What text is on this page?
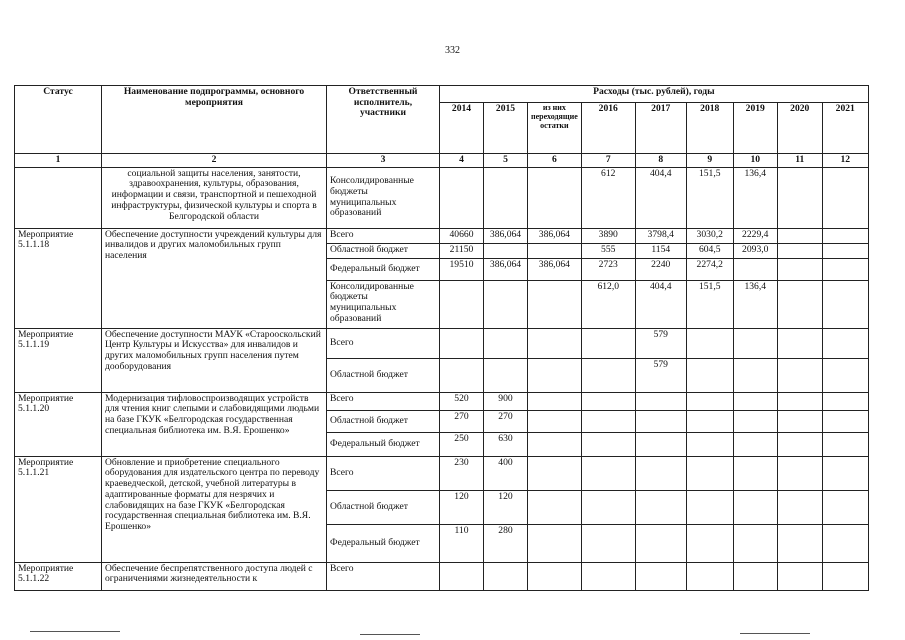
332
Статус	Наименование подпрограммы, основного мероприятия	Ответственный исполнитель, участники	Расходы (тыс. рублей), годы								
			2014	2015	из них переходящие остатки	2016	2017	2018	2019	2020	2021
1	2	3	4	5	6	7	8	9	10	11	12
	социальной защиты населения, занятости, здравоохранения, культуры, образования, информации и связи, транспортной и пешеходной инфраструктуры, физической культуры и спорта в Белгородской области	Консолидированные бюджеты муниципальных образований				612	404,4	151,5	136,4		
Мероприятие 5.1.1.18	Обеспечение доступности учреждений культуры для инвалидов и других маломобильных групп населения	Всего	40660	386,064	386,064	3890	3798,4	3030,2	2229,4		
		Областной бюджет	21150			555	1154	604,5	2093,0		
		Федеральный бюджет	19510	386,064	386,064	2723	2240	2274,2			
		Консолидированные бюджеты муниципальных образований				612,0	404,4	151,5	136,4		
Мероприятие 5.1.1.19	Обеспечение доступности МАУК «Старооскольский Центр Культуры и Искусства» для инвалидов и других маломобильных групп населения путем дооборудования	Всего					579				
		Областной бюджет					579				
Мероприятие 5.1.1.20	Модернизация тифловоспроизводящих устройств для чтения книг слепыми и слабовидящими людьми на базе ГКУК «Белгородская государственная специальная библиотека им. В.Я. Ерошенко»	Всего	520	900							
		Областной бюджет	270	270							
		Федеральный бюджет	250	630							
Мероприятие 5.1.1.21	Обновление и приобретение специального оборудования для издательского центра по переводу краеведческой, детской, учебной литературы в адаптированные форматы для незрячих и слабовидящих на базе ГКУК «Белгородская государственная специальная библиотека им. В.Я. Ерошенко»	Всего	230	400							
		Областной бюджет	120	120							
		Федеральный бюджет	110	280							
Мероприятие 5.1.1.22	Обеспечение беспрепятственного доступа людей с ограничениями жизнедеятельности к	Всего									
